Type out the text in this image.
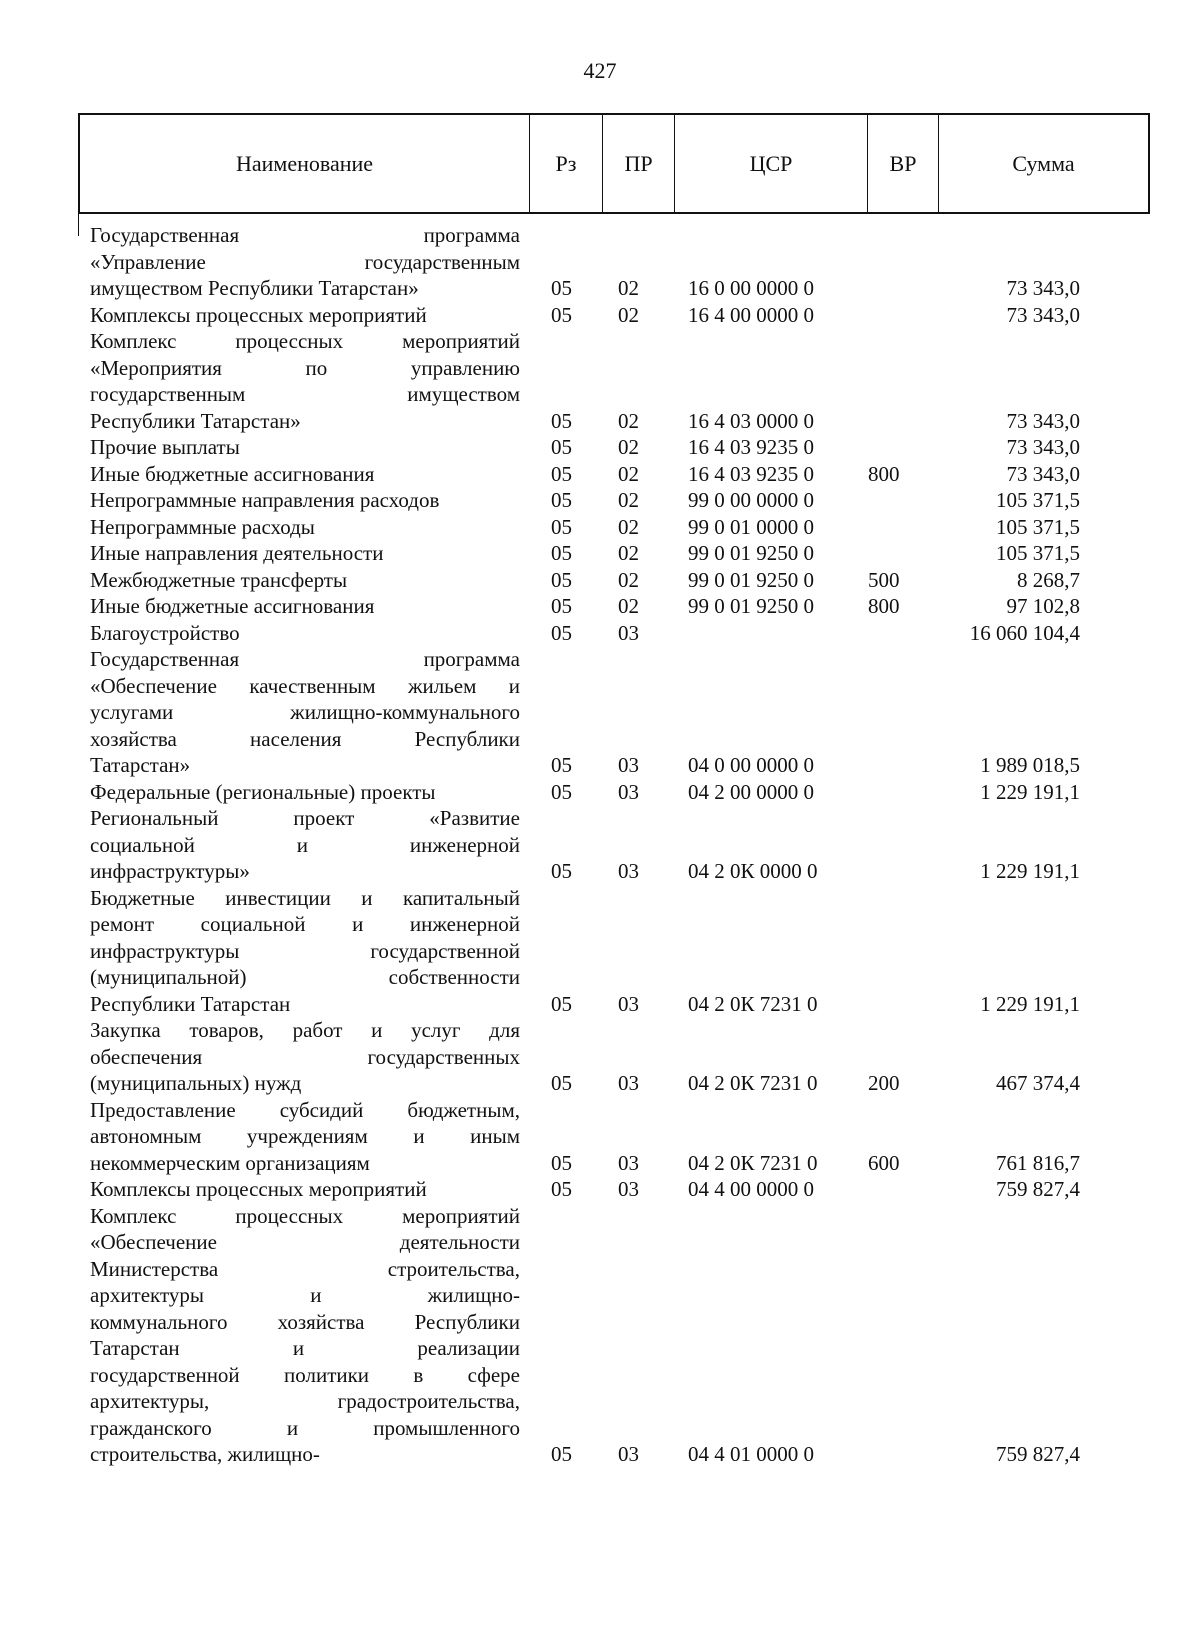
427
Наименование	Рз	ПР	ЦСР	ВР	Сумма
Государственная программа
«Управление государственным
имуществом Республики Татарстан»	05	02	16 0 00 0000 0	73 343,0
Комплексы процессных мероприятий	05	02	16 4 00 0000 0	73 343,0
Комплекс процессных мероприятий
«Мероприятия по управлению
государственным имуществом
Республики Татарстан»	05	02	16 4 03 0000 0	73 343,0
Прочие выплаты	05	02	16 4 03 9235 0	73 343,0
Иные бюджетные ассигнования	05	02	16 4 03 9235 0	800	73 343,0
Непрограммные направления расходов	05	02	99 0 00 0000 0	105 371,5
Непрограммные расходы	05	02	99 0 01 0000 0	105 371,5
Иные направления деятельности	05	02	99 0 01 9250 0	105 371,5
Межбюджетные трансферты	05	02	99 0 01 9250 0	500	8 268,7
Иные бюджетные ассигнования	05	02	99 0 01 9250 0	800	97 102,8
Благоустройство	05	03	16 060 104,4
Государственная программа
«Обеспечение качественным жильем и
услугами жилищно-коммунального
хозяйства населения Республики
Татарстан»	05	03	04 0 00 0000 0	1 989 018,5
Федеральные (региональные) проекты	05	03	04 2 00 0000 0	1 229 191,1
Региональный проект «Развитие
социальной и инженерной
инфраструктуры»	05	03	04 2 0К 0000 0	1 229 191,1
Бюджетные инвестиции и капитальный
ремонт социальной и инженерной
инфраструктуры государственной
(муниципальной) собственности
Республики Татарстан	05	03	04 2 0К 7231 0	1 229 191,1
Закупка товаров, работ и услуг для
обеспечения государственных
(муниципальных) нужд	05	03	04 2 0К 7231 0	200	467 374,4
Предоставление субсидий бюджетным,
автономным учреждениям и иным
некоммерческим организациям	05	03	04 2 0К 7231 0	600	761 816,7
Комплексы процессных мероприятий	05	03	04 4 00 0000 0	759 827,4
Комплекс процессных мероприятий
«Обеспечение деятельности
Министерства строительства,
архитектуры и жилищно-
коммунального хозяйства Республики
Татарстан и реализации
государственной политики в сфере
архитектуры, градостроительства,
гражданского и промышленного
строительства, жилищно-	05	03	04 4 01 0000 0	759 827,4
